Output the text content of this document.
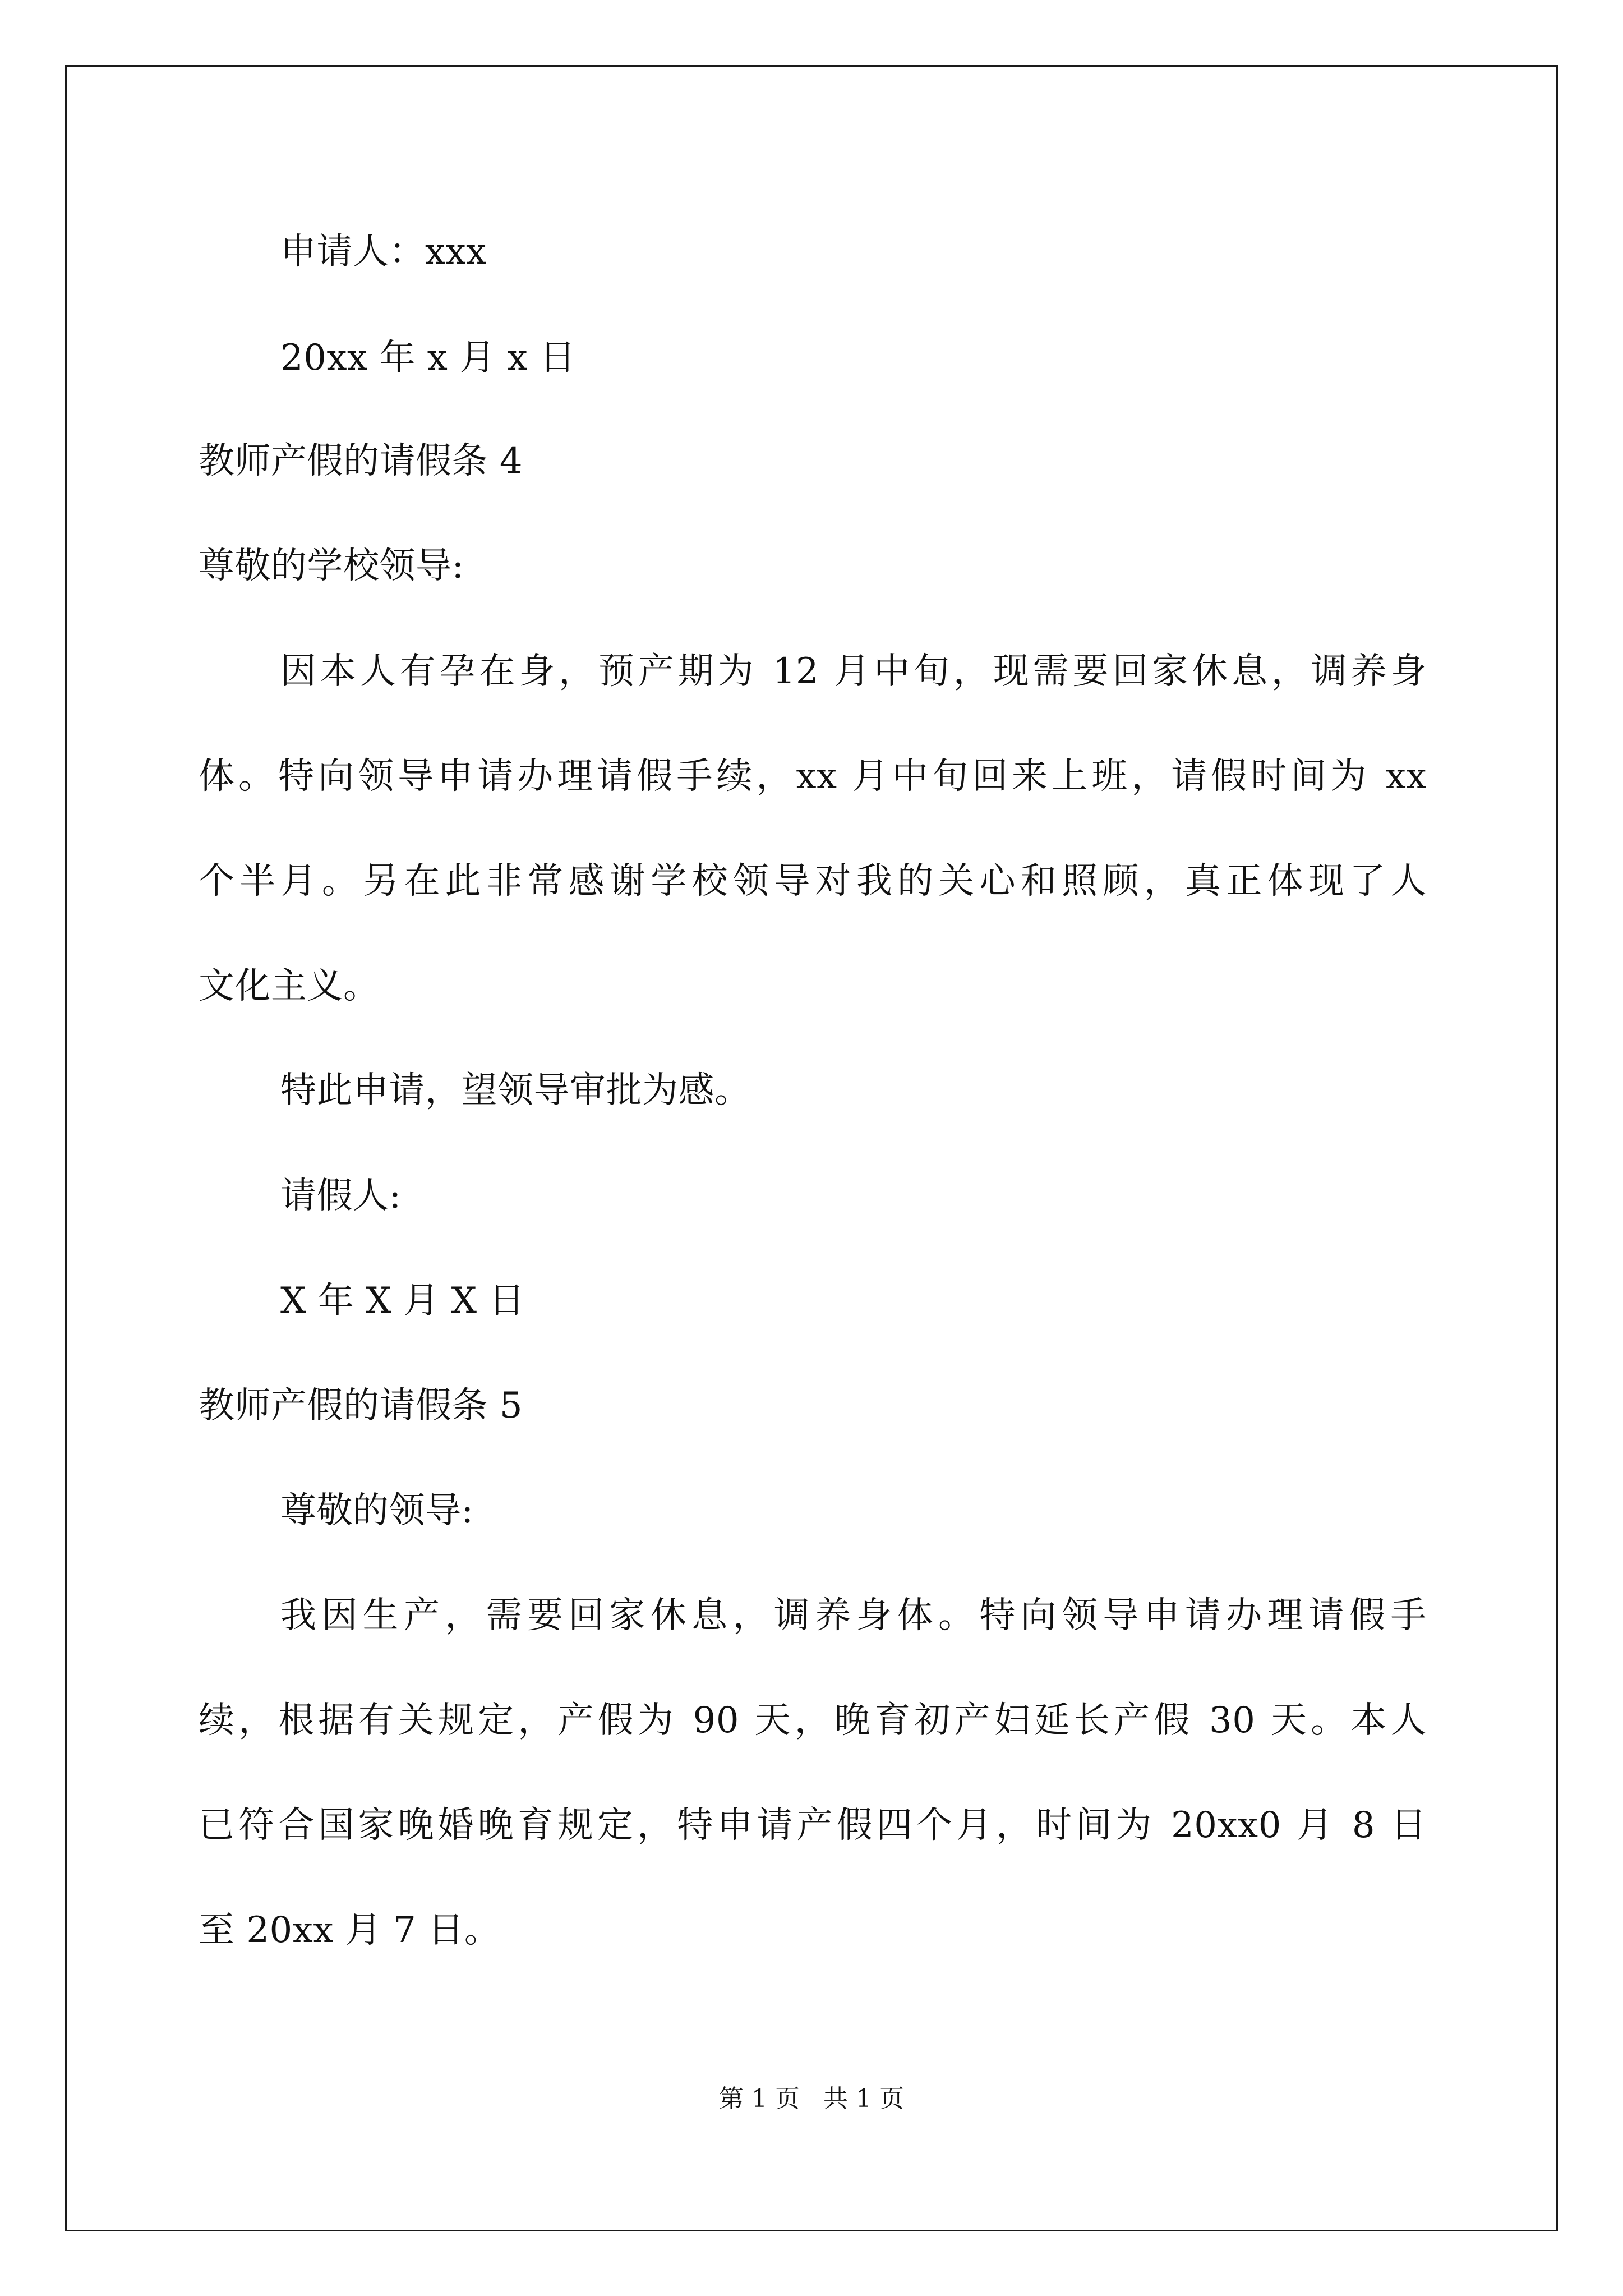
申请人：xxx
20xx 年 x 月 x 日
教师产假的请假条 4
尊敬的学校领导:
因本人有孕在身，预产期为 12 月中旬，现需要回家休息，调养身
体。特向领导申请办理请假手续，xx 月中旬回来上班，请假时间为 xx
个半月。另在此非常感谢学校领导对我的关心和照顾，真正体现了人
文化主义。
特此申请，望领导审批为感。
请假人:
X 年 X 月 X 日
教师产假的请假条 5
尊敬的领导:
我因生产，需要回家休息，调养身体。特向领导申请办理请假手
续，根据有关规定，产假为 90 天，晚育初产妇延长产假 30 天。本人
已符合国家晚婚晚育规定，特申请产假四个月，时间为 20xx0 月 8 日
至 20xx 月 7 日。
第 1 页   共 1 页
